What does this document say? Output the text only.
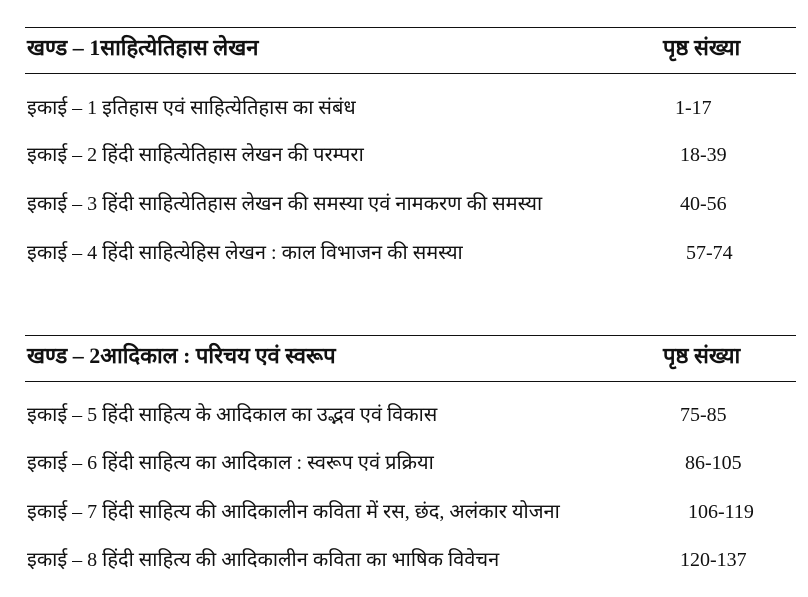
खण्ड – 1साहित्येतिहास लेखन	पृष्ठ संख्या
इकाई – 1 इतिहास एवं साहित्येतिहास का संबंध	1-17
इकाई – 2 हिंदी साहित्येतिहास लेखन की परम्परा	18-39
इकाई – 3 हिंदी साहित्येतिहास लेखन की समस्या एवं नामकरण की समस्या	40-56
इकाई – 4 हिंदी साहित्येहिस लेखन : काल विभाजन की समस्या	57-74
खण्ड – 2आदिकाल : परिचय एवं स्वरूप	पृष्ठ संख्या
इकाई – 5 हिंदी साहित्य के आदिकाल का उद्भव एवं विकास	75-85
इकाई – 6 हिंदी साहित्य का आदिकाल : स्वरूप एवं प्रक्रिया	86-105
इकाई – 7 हिंदी साहित्य की आदिकालीन कविता में रस, छंद, अलंकार योजना	106-119
इकाई – 8 हिंदी साहित्य की आदिकालीन कविता का भाषिक विवेचन	120-137
